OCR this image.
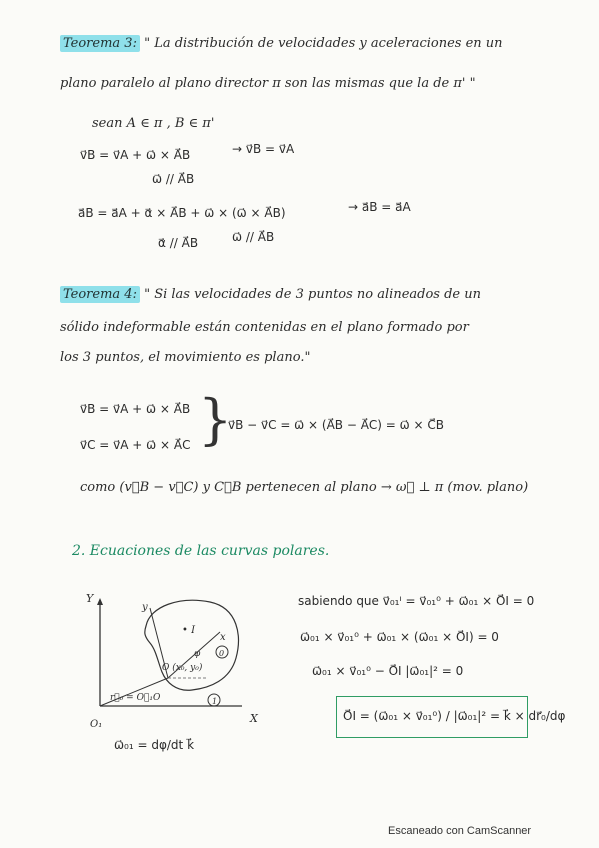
Teorema 3: " La distribución de velocidades y aceleraciones en un
plano paralelo al plano director π son las mismas que la de π' "
sean A ∈ π , B ∈ π'
v⃗B = v⃗A + ω⃗ × A⃗B	→ v⃗B = v⃗A
ω⃗ // A⃗B
a⃗B = a⃗A + α⃗ × A⃗B + ω⃗ × (ω⃗ × A⃗B)	→ a⃗B = a⃗A
α⃗ // A⃗B	ω⃗ // A⃗B
Teorema 4: " Si las velocidades de 3 puntos no alineados de un
sólido indeformable están contenidas en el plano formado por
los 3 puntos, el movimiento es plano."
v⃗B = v⃗A + ω⃗ × A⃗B
v⃗C = v⃗A + ω⃗ × A⃗C }
v⃗B − v⃗C = ω⃗ × (A⃗B − A⃗C) = ω⃗ × C⃗B
como (v⃗B − v⃗C) y C⃗B pertenecen al plano → ω⃗ ⊥ π (mov. plano)
2. Ecuaciones de las curvas polares.
Y
X
O₁
y
x
r⃗₀ = O⃗₁O
φ
• I
O (x₀, y₀)
0
1
ω⃗₀₁ = dφ/dt k⃗
sabiendo que v⃗₀₁ᴵ = v⃗₀₁⁰ + ω⃗₀₁ × O⃗I = 0
ω⃗₀₁ × v⃗₀₁⁰ + ω⃗₀₁ × (ω⃗₀₁ × O⃗I) = 0
ω⃗₀₁ × v⃗₀₁⁰ − O⃗I |ω⃗₀₁|² = 0
O⃗I = (ω⃗₀₁ × v⃗₀₁⁰) / |ω⃗₀₁|² = k⃗ × dr⃗₀/dφ
Escaneado con CamScanner
